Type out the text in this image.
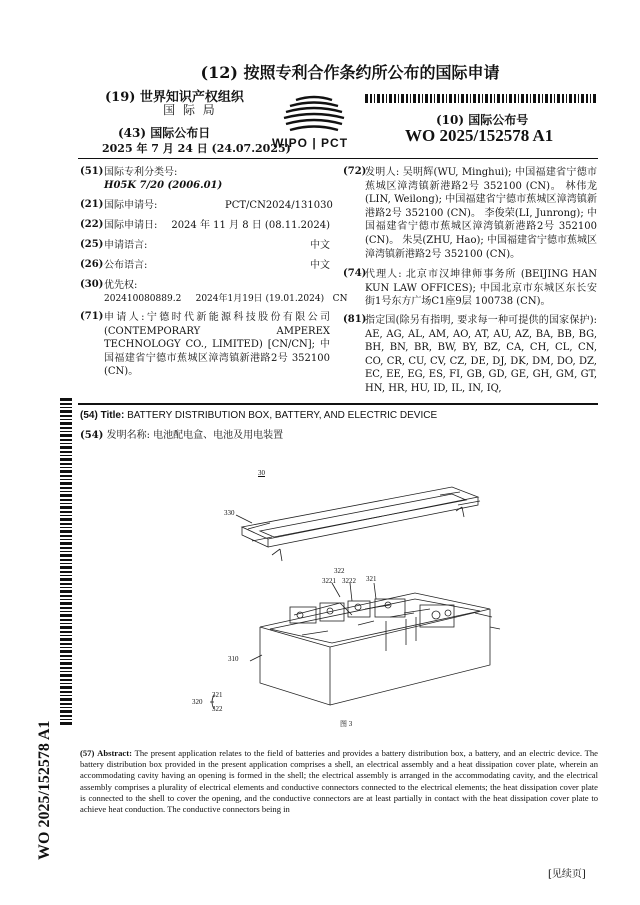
(12) 按照专利合作条约所公布的国际申请
(19) 世界知识产权组织
国 际 局
(43) 国际公布日
2025 年 7 月 24 日 (24.07.2025)
WIPO | PCT
(10) 国际公布号
WO 2025/152578 A1
(51) 国际专利分类号:
H05K 7/20 (2006.01)
(21) 国际申请号:	PCT/CN2024/131030
(22) 国际申请日:	2024 年 11 月 8 日 (08.11.2024)
(25) 申请语言:	中文
(26) 公布语言:	中文
(30) 优先权:
202410080889.2     2024年1月19日 (19.01.2024)   CN
(71) 申请人:宁德时代新能源科技股份有限公司 (CONTEMPORARY AMPEREX TECHNOLOGY CO., LIMITED) [CN/CN]; 中国福建省宁德市蕉城区漳湾镇新港路2号 352100 (CN)。
(72)
发明人: 吴明辉(WU, Minghui); 中国福建省宁德市蕉城区漳湾镇新港路2号 352100 (CN)。 林伟龙(LIN, Weilong); 中国福建省宁德市蕉城区漳湾镇新港路2号 352100 (CN)。 李俊荣(LI, Junrong); 中国福建省宁德市蕉城区漳湾镇新港路2号 352100 (CN)。 朱昊(ZHU, Hao); 中国福建省宁德市蕉城区漳湾镇新港路2号 352100 (CN)。
(74)
代理人: 北京市汉坤律师事务所 (BEIJING HAN KUN LAW OFFICES); 中国北京市东城区东长安街1号东方广场C1座9层 100738 (CN)。
(81)
指定国(除另有指明, 要求每一种可提供的国家保护): AE, AG, AL, AM, AO, AT, AU, AZ, BA, BB, BG, BH, BN, BR, BW, BY, BZ, CA, CH, CL, CN, CO, CR, CU, CV, CZ, DE, DJ, DK, DM, DO, DZ, EC, EE, EG, ES, FI, GB, GD, GE, GH, GM, GT, HN, HR, HU, ID, IL, IN, IQ,
WO 2025/152578 A1
(54) Title: BATTERY DISTRIBUTION BOX, BATTERY, AND ELECTRIC DEVICE
(54) 发明名称: 电池配电盒、电池及用电装置
30
330
322
3221 3222 321
310
320
321
322
图 3
(57) Abstract: The present application relates to the field of batteries and provides a battery distribution box, a battery, and an electric device. The battery distribution box provided in the present application comprises a shell, an electrical assembly and a heat dissipation cover plate, wherein an accommodating cavity having an opening is formed in the shell; the electrical assembly is arranged in the accommodating cavity, and the electrical assembly comprises a plurality of electrical elements and conductive connectors connected to the electrical elements; the heat dissipation cover plate is connected to the shell to cover the opening, and the conductive connectors are at least partially in contact with the heat dissipation cover plate to achieve heat conduction. The conductive connectors being in
[见续页]
